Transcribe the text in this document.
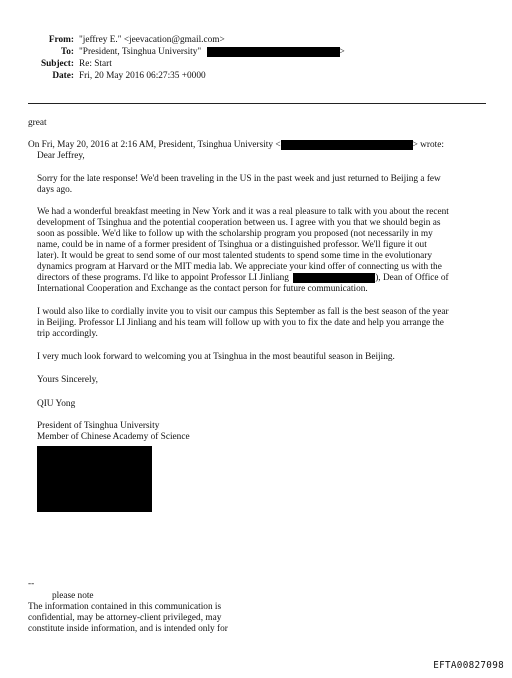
From: "jeffrey E." <jeevacation@gmail.com>
To: "President, Tsinghua University"	>
Subject: Re: Start
Date: Fri, 20 May 2016 06:27:35 +0000
great
On Fri, May 20, 2016 at 2:16 AM, President, Tsinghua University <	> wrote:
Dear Jeffrey,
Sorry for the late response! We'd been traveling in the US in the past week and just returned to Beijing a few
days ago.
We had a wonderful breakfast meeting in New York and it was a real pleasure to talk with you about the recent
development of Tsinghua and the potential cooperation between us. I agree with you that we should begin as
soon as possible. We'd like to follow up with the scholarship program you proposed (not necessarily in my
name, could be in name of a former president of Tsinghua or a distinguished professor. We'll figure it out
later). It would be great to send some of our most talented students to spend some time in the evolutionary
dynamics program at Harvard or the MIT media lab. We appreciate your kind offer of connecting us with the
directors of these programs. I'd like to appoint Professor LI Jinliang	), Dean of Office of
International Cooperation and Exchange as the contact person for future communication.
I would also like to cordially invite you to visit our campus this September as fall is the best season of the year
in Beijing. Professor LI Jinliang and his team will follow up with you to fix the date and help you arrange the
trip accordingly.
I very much look forward to welcoming you at Tsinghua in the most beautiful season in Beijing.
Yours Sincerely,
QIU Yong
President of Tsinghua University
Member of Chinese Academy of Science
--
please note
The information contained in this communication is
confidential, may be attorney-client privileged, may
constitute inside information, and is intended only for
EFTA00827098
